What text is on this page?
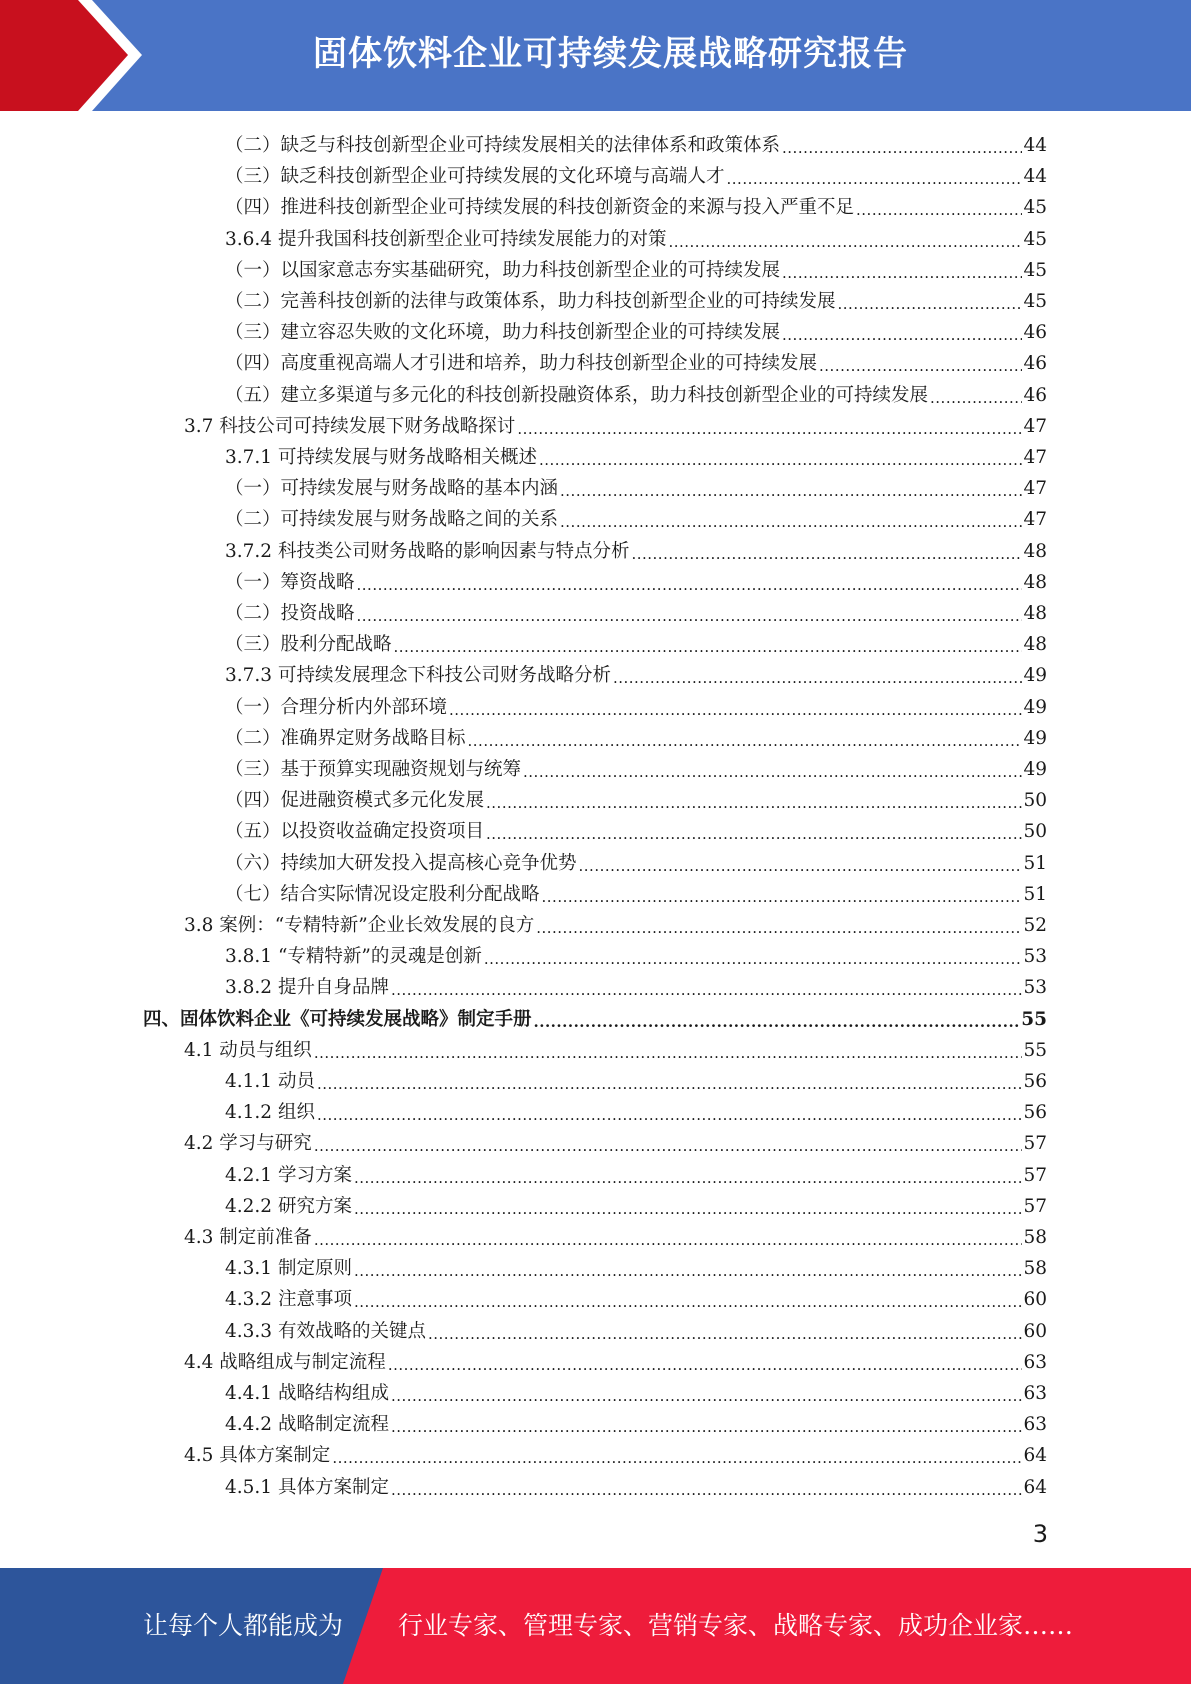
固体饮料企业可持续发展战略研究报告
（二）缺乏与科技创新型企业可持续发展相关的法律体系和政策体系 .....	44
（三）缺乏科技创新型企业可持续发展的文化环境与高端人才 .....	44
（四）推进科技创新型企业可持续发展的科技创新资金的来源与投入严重不足 .....	45
3.6.4 提升我国科技创新型企业可持续发展能力的对策 .....	45
（一）以国家意志夯实基础研究，助力科技创新型企业的可持续发展 .....	45
（二）完善科技创新的法律与政策体系，助力科技创新型企业的可持续发展 .....	45
（三）建立容忍失败的文化环境，助力科技创新型企业的可持续发展 .....	46
（四）高度重视高端人才引进和培养，助力科技创新型企业的可持续发展 .....	46
（五）建立多渠道与多元化的科技创新投融资体系，助力科技创新型企业的可持续发展 .....	46
3.7 科技公司可持续发展下财务战略探讨 .....	47
3.7.1 可持续发展与财务战略相关概述 .....	47
（一）可持续发展与财务战略的基本内涵 .....	47
（二）可持续发展与财务战略之间的关系 .....	47
3.7.2 科技类公司财务战略的影响因素与特点分析 .....	48
（一）筹资战略 .....	48
（二）投资战略 .....	48
（三）股利分配战略 .....	48
3.7.3 可持续发展理念下科技公司财务战略分析 .....	49
（一）合理分析内外部环境 .....	49
（二）准确界定财务战略目标 .....	49
（三）基于预算实现融资规划与统筹 .....	49
（四）促进融资模式多元化发展 .....	50
（五）以投资收益确定投资项目 .....	50
（六）持续加大研发投入提高核心竞争优势 .....	51
（七）结合实际情况设定股利分配战略 .....	51
3.8 案例：“专精特新”企业长效发展的良方 .....	52
3.8.1 “专精特新”的灵魂是创新 .....	53
3.8.2 提升自身品牌 .....	53
四、固体饮料企业《可持续发展战略》制定手册 .....	55
4.1 动员与组织 .....	55
4.1.1 动员 .....	56
4.1.2 组织 .....	56
4.2 学习与研究 .....	57
4.2.1 学习方案 .....	57
4.2.2 研究方案 .....	57
4.3 制定前准备 .....	58
4.3.1 制定原则 .....	58
4.3.2 注意事项 .....	60
4.3.3 有效战略的关键点 .....	60
4.4 战略组成与制定流程 .....	63
4.4.1 战略结构组成 .....	63
4.4.2 战略制定流程 .....	63
4.5 具体方案制定 .....	64
4.5.1 具体方案制定 .....	64
3
让每个人都能成为 行业专家、管理专家、营销专家、战略专家、成功企业家……
